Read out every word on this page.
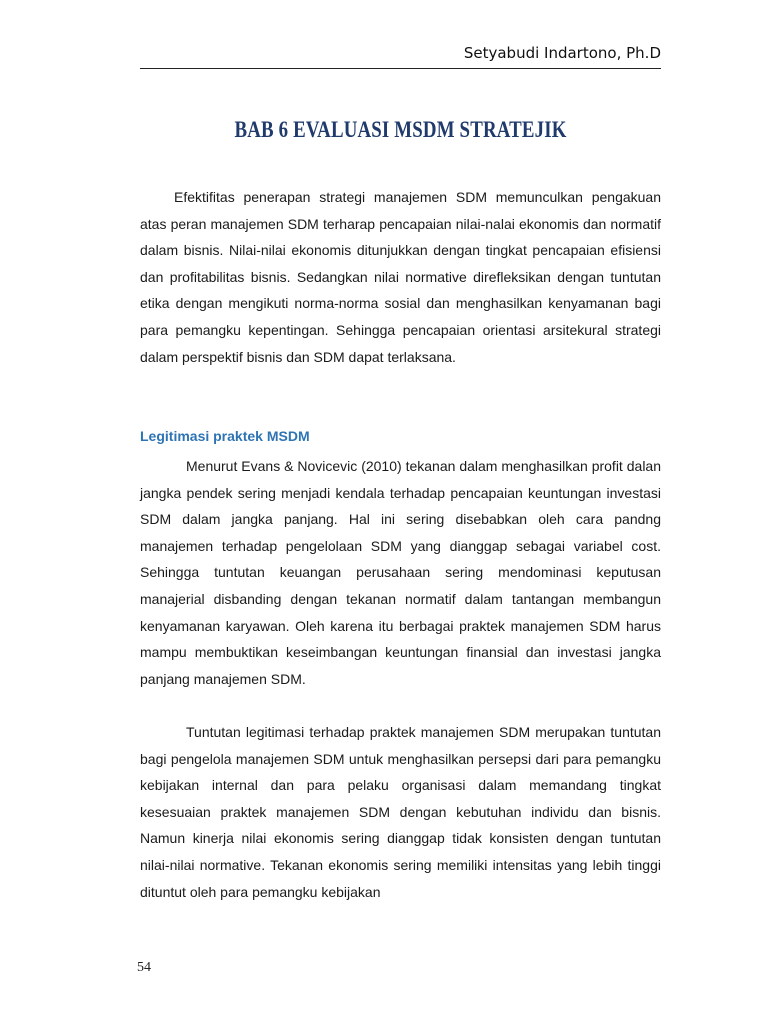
Setyabudi Indartono, Ph.D
BAB 6 EVALUASI MSDM STRATEJIK

Efektifitas penerapan strategi manajemen SDM memunculkan pengakuan atas peran manajemen SDM terharap pencapaian nilai-nalai ekonomis dan normatif dalam bisnis. Nilai-nilai ekonomis ditunjukkan dengan tingkat pencapaian efisiensi dan profitabilitas bisnis. Sedangkan nilai normative direfleksikan dengan tuntutan etika dengan mengikuti norma-norma sosial dan menghasilkan kenyamanan bagi para pemangku kepentingan. Sehingga pencapaian orientasi arsitekural strategi dalam perspektif bisnis dan SDM dapat terlaksana.

Legitimasi praktek MSDM

Menurut Evans & Novicevic (2010) tekanan dalam menghasilkan profit dalan jangka pendek sering menjadi kendala terhadap pencapaian keuntungan investasi SDM dalam jangka panjang. Hal ini sering disebabkan oleh cara pandng manajemen terhadap pengelolaan SDM yang dianggap sebagai variabel cost. Sehingga tuntutan keuangan perusahaan sering mendominasi keputusan manajerial disbanding dengan tekanan normatif dalam tantangan membangun kenyamanan karyawan. Oleh karena itu berbagai praktek manajemen SDM harus mampu membuktikan keseimbangan keuntungan finansial dan investasi jangka panjang manajemen SDM.

Tuntutan legitimasi terhadap praktek manajemen SDM merupakan tuntutan bagi pengelola manajemen SDM untuk menghasilkan persepsi dari para pemangku kebijakan internal dan para pelaku organisasi dalam memandang tingkat kesesuaian praktek manajemen SDM dengan kebutuhan individu dan bisnis. Namun kinerja nilai ekonomis sering dianggap tidak konsisten dengan tuntutan nilai-nilai normative. Tekanan ekonomis sering memiliki intensitas yang lebih tinggi dituntut oleh para pemangku kebijakan

54
